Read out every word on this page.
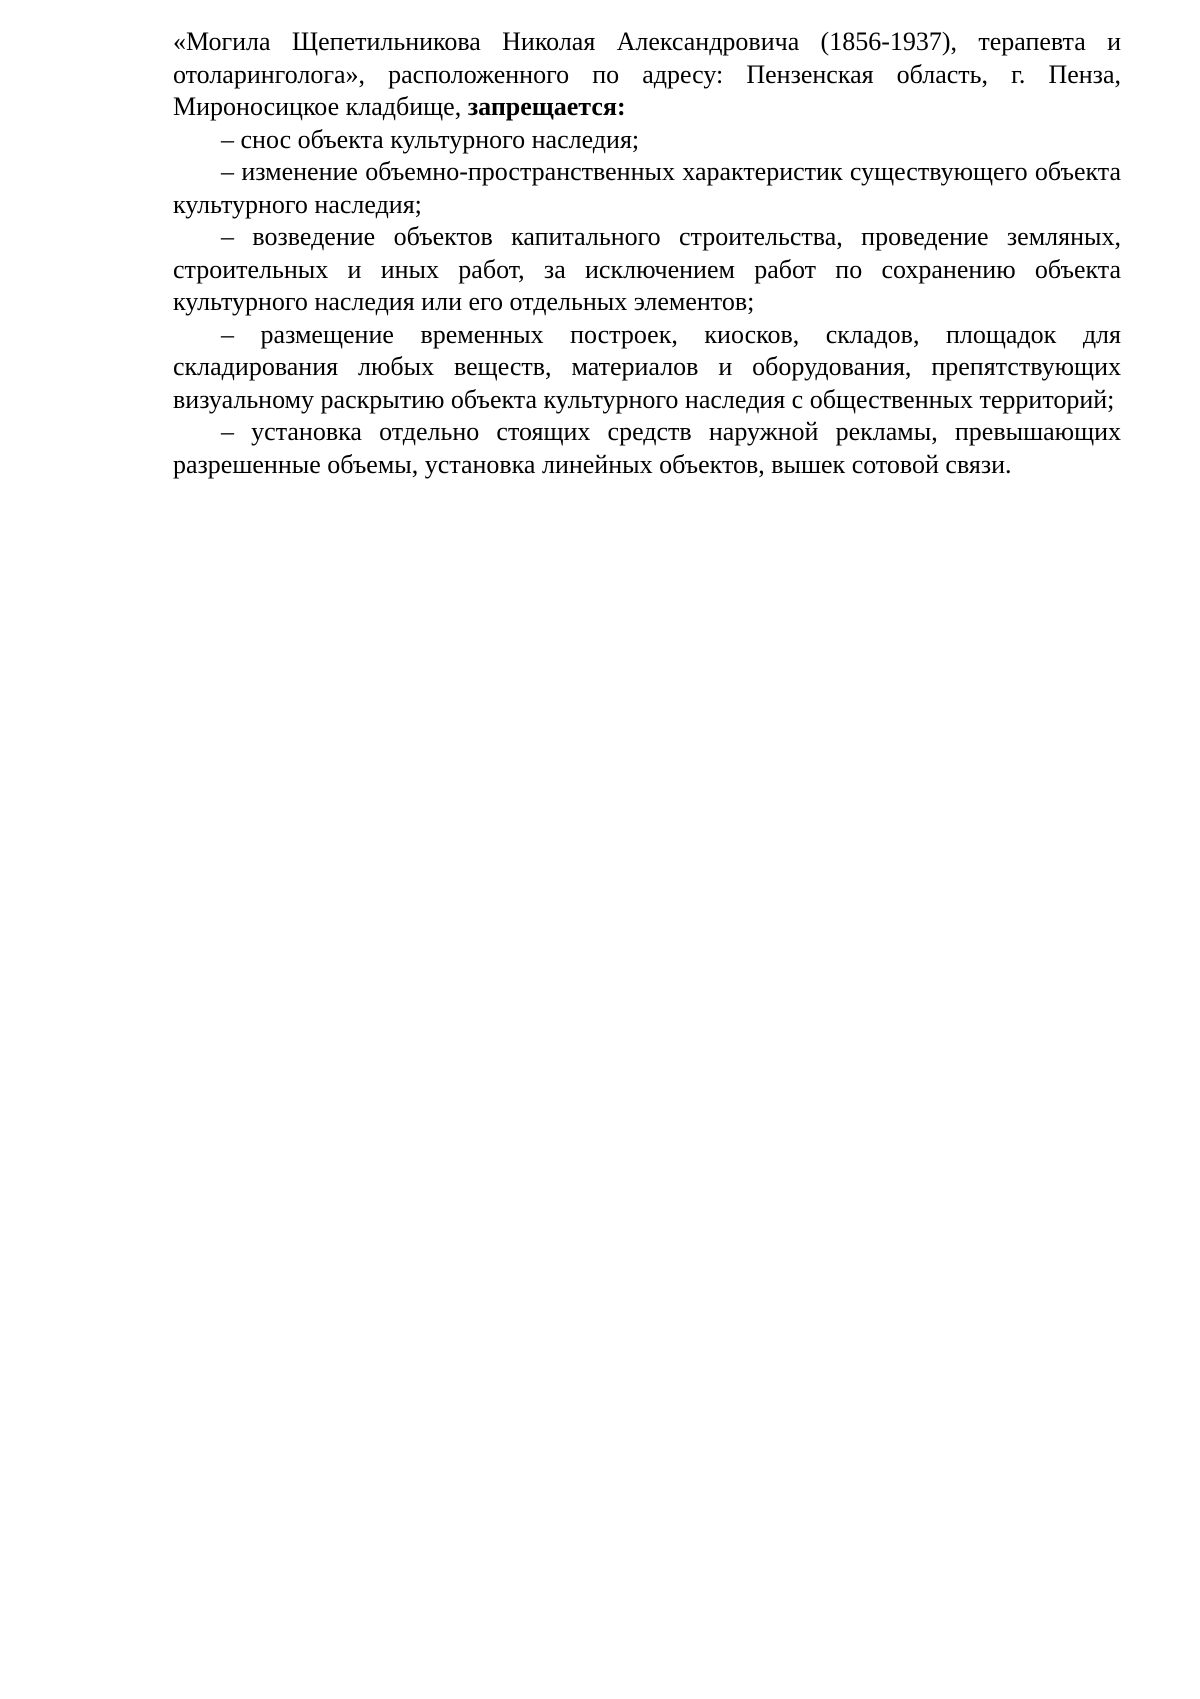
«Могила Щепетильникова Николая Александровича (1856-1937), терапевта и отоларинголога», расположенного по адресу: Пензенская область, г. Пенза, Мироносицкое кладбище, запрещается:

– снос объекта культурного наследия;

– изменение объемно-пространственных характеристик существующего объекта культурного наследия;

– возведение объектов капитального строительства, проведение земляных, строительных и иных работ, за исключением работ по сохранению объекта культурного наследия или его отдельных элементов;

– размещение временных построек, киосков, складов, площадок для складирования любых веществ, материалов и оборудования, препятствующих визуальному раскрытию объекта культурного наследия с общественных территорий;

– установка отдельно стоящих средств наружной рекламы, превышающих разрешенные объемы, установка линейных объектов, вышек сотовой связи.
